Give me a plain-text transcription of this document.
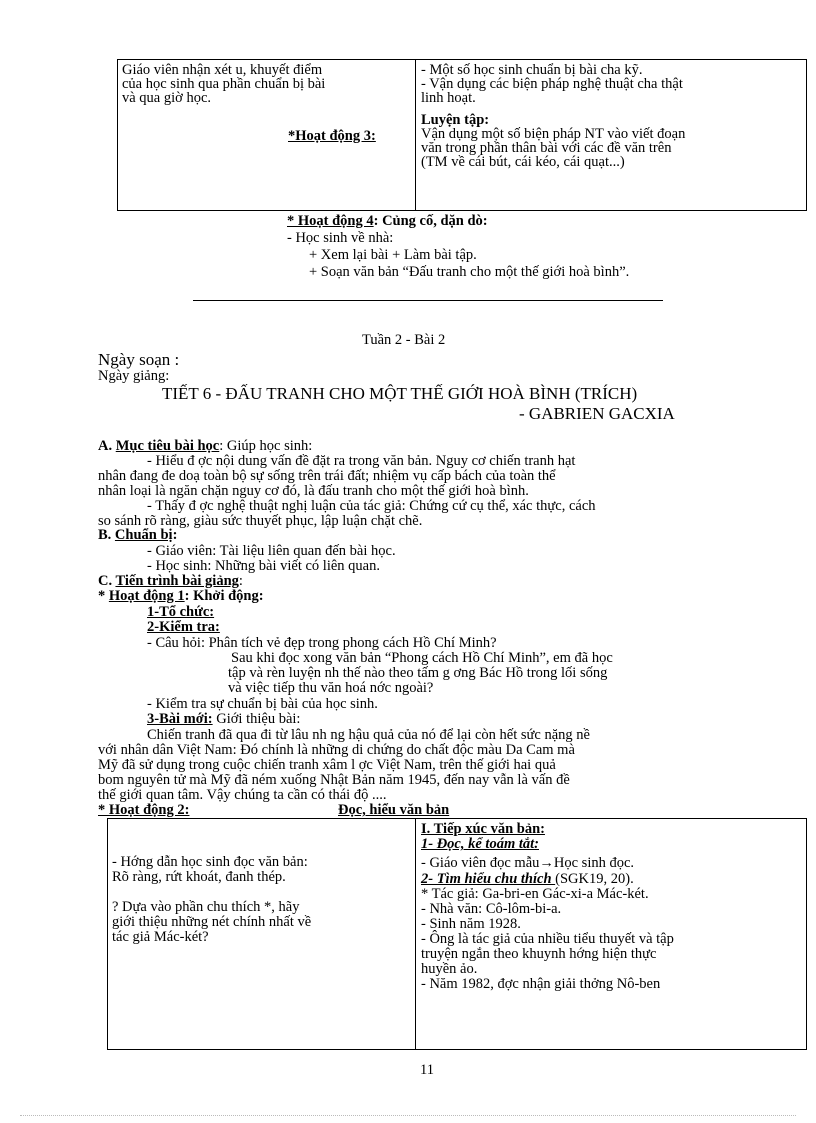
Giáo viên nhận xét u, khuyết điểm
của học sinh qua phần chuẩn bị bài
và qua giờ học.
*Hoạt động 3:
- Một số học sinh chuẩn bị bài cha kỹ.
- Vận dụng các biện pháp nghệ thuật cha thật
linh hoạt.
Luyện tập:
Vận dụng một số biện pháp NT vào viết đoạn
văn trong phần thân bài với các đề văn trên
(TM về cái bút, cái kéo, cái quạt...)
* Hoạt động 4: Củng cố, dặn dò:
- Học sinh về nhà:
+ Xem lại bài + Làm bài tập.
+ Soạn văn bản “Đấu tranh cho một thế giới hoà bình”.
Tuần 2 - Bài 2
Ngày soạn :
Ngày giảng:
TIẾT 6 - ĐẤU TRANH CHO MỘT THẾ GIỚI HOÀ BÌNH (TRÍCH)
- GABRIEN GACXIA
A. Mục tiêu bài học: Giúp học sinh:
- Hiểu đ ợc nội dung vấn đề đặt ra trong văn bản. Nguy cơ chiến tranh hạt
nhân đang đe doạ toàn bộ sự sống trên trái đất; nhiệm vụ cấp bách của toàn thể
nhân loại là ngăn chặn nguy cơ đó, là đấu tranh cho một thế giới hoà bình.
- Thấy đ ợc nghệ thuật nghị luận của tác giả: Chứng cứ cụ thể, xác thực, cách
so sánh rõ ràng, giàu sức thuyết phục, lập luận chặt chẽ.
B. Chuẩn bị:
- Giáo viên: Tài liệu liên quan đến bài học.
- Học sinh: Những bài viết có liên quan.
C. Tiến trình bài giảng:
* Hoạt động 1: Khởi động:
1-Tổ chức:
2-Kiểm tra:
- Câu hỏi: Phân tích vẻ đẹp trong phong cách Hồ Chí Minh?
Sau khi đọc xong văn bản “Phong cách Hồ Chí Minh”, em đã học
tập và rèn luyện nh thế nào theo tấm g ơng Bác Hồ trong lối sống
và việc tiếp thu văn hoá nớc ngoài?
- Kiểm tra sự chuẩn bị bài của học sinh.
3-Bài mới: Giới thiệu bài:
Chiến tranh đã qua đi từ lâu nh ng hậu quả của nó để lại còn hết sức nặng nề
với nhân dân Việt Nam: Đó chính là những di chứng do chất độc màu Da Cam mà
Mỹ đã sử dụng trong cuộc chiến tranh xâm l ợc Việt Nam, trên thế giới hai quả
bom nguyên tử mà Mỹ đã ném xuống Nhật Bản năm 1945, đến nay vẫn là vấn đề
thế giới quan tâm. Vậy chúng ta cần có thái độ ....
* Hoạt động 2:	Đọc, hiểu văn bản
- Hớng dẫn học sinh đọc văn bản:
Rõ ràng, rứt khoát, đanh thép.
? Dựa vào phần chu thích *, hãy
giới thiệu những nét chính nhất về
tác giả Mác-két?
I. Tiếp xúc văn bản:
1- Đọc, kể toám tắt:
- Giáo viên đọc mẫu→Học sinh đọc.
2- Tìm hiểu chu thích (SGK19, 20).
* Tác giả: Ga-bri-en Gác-xi-a Mác-két.
- Nhà văn: Cô-lôm-bi-a.
- Sinh năm 1928.
- Ông là tác giả của nhiều tiểu thuyết và tập
truyện ngắn theo khuynh hớng hiện thực
huyền ảo.
- Năm 1982, đợc nhận giải thởng Nô-ben
11
